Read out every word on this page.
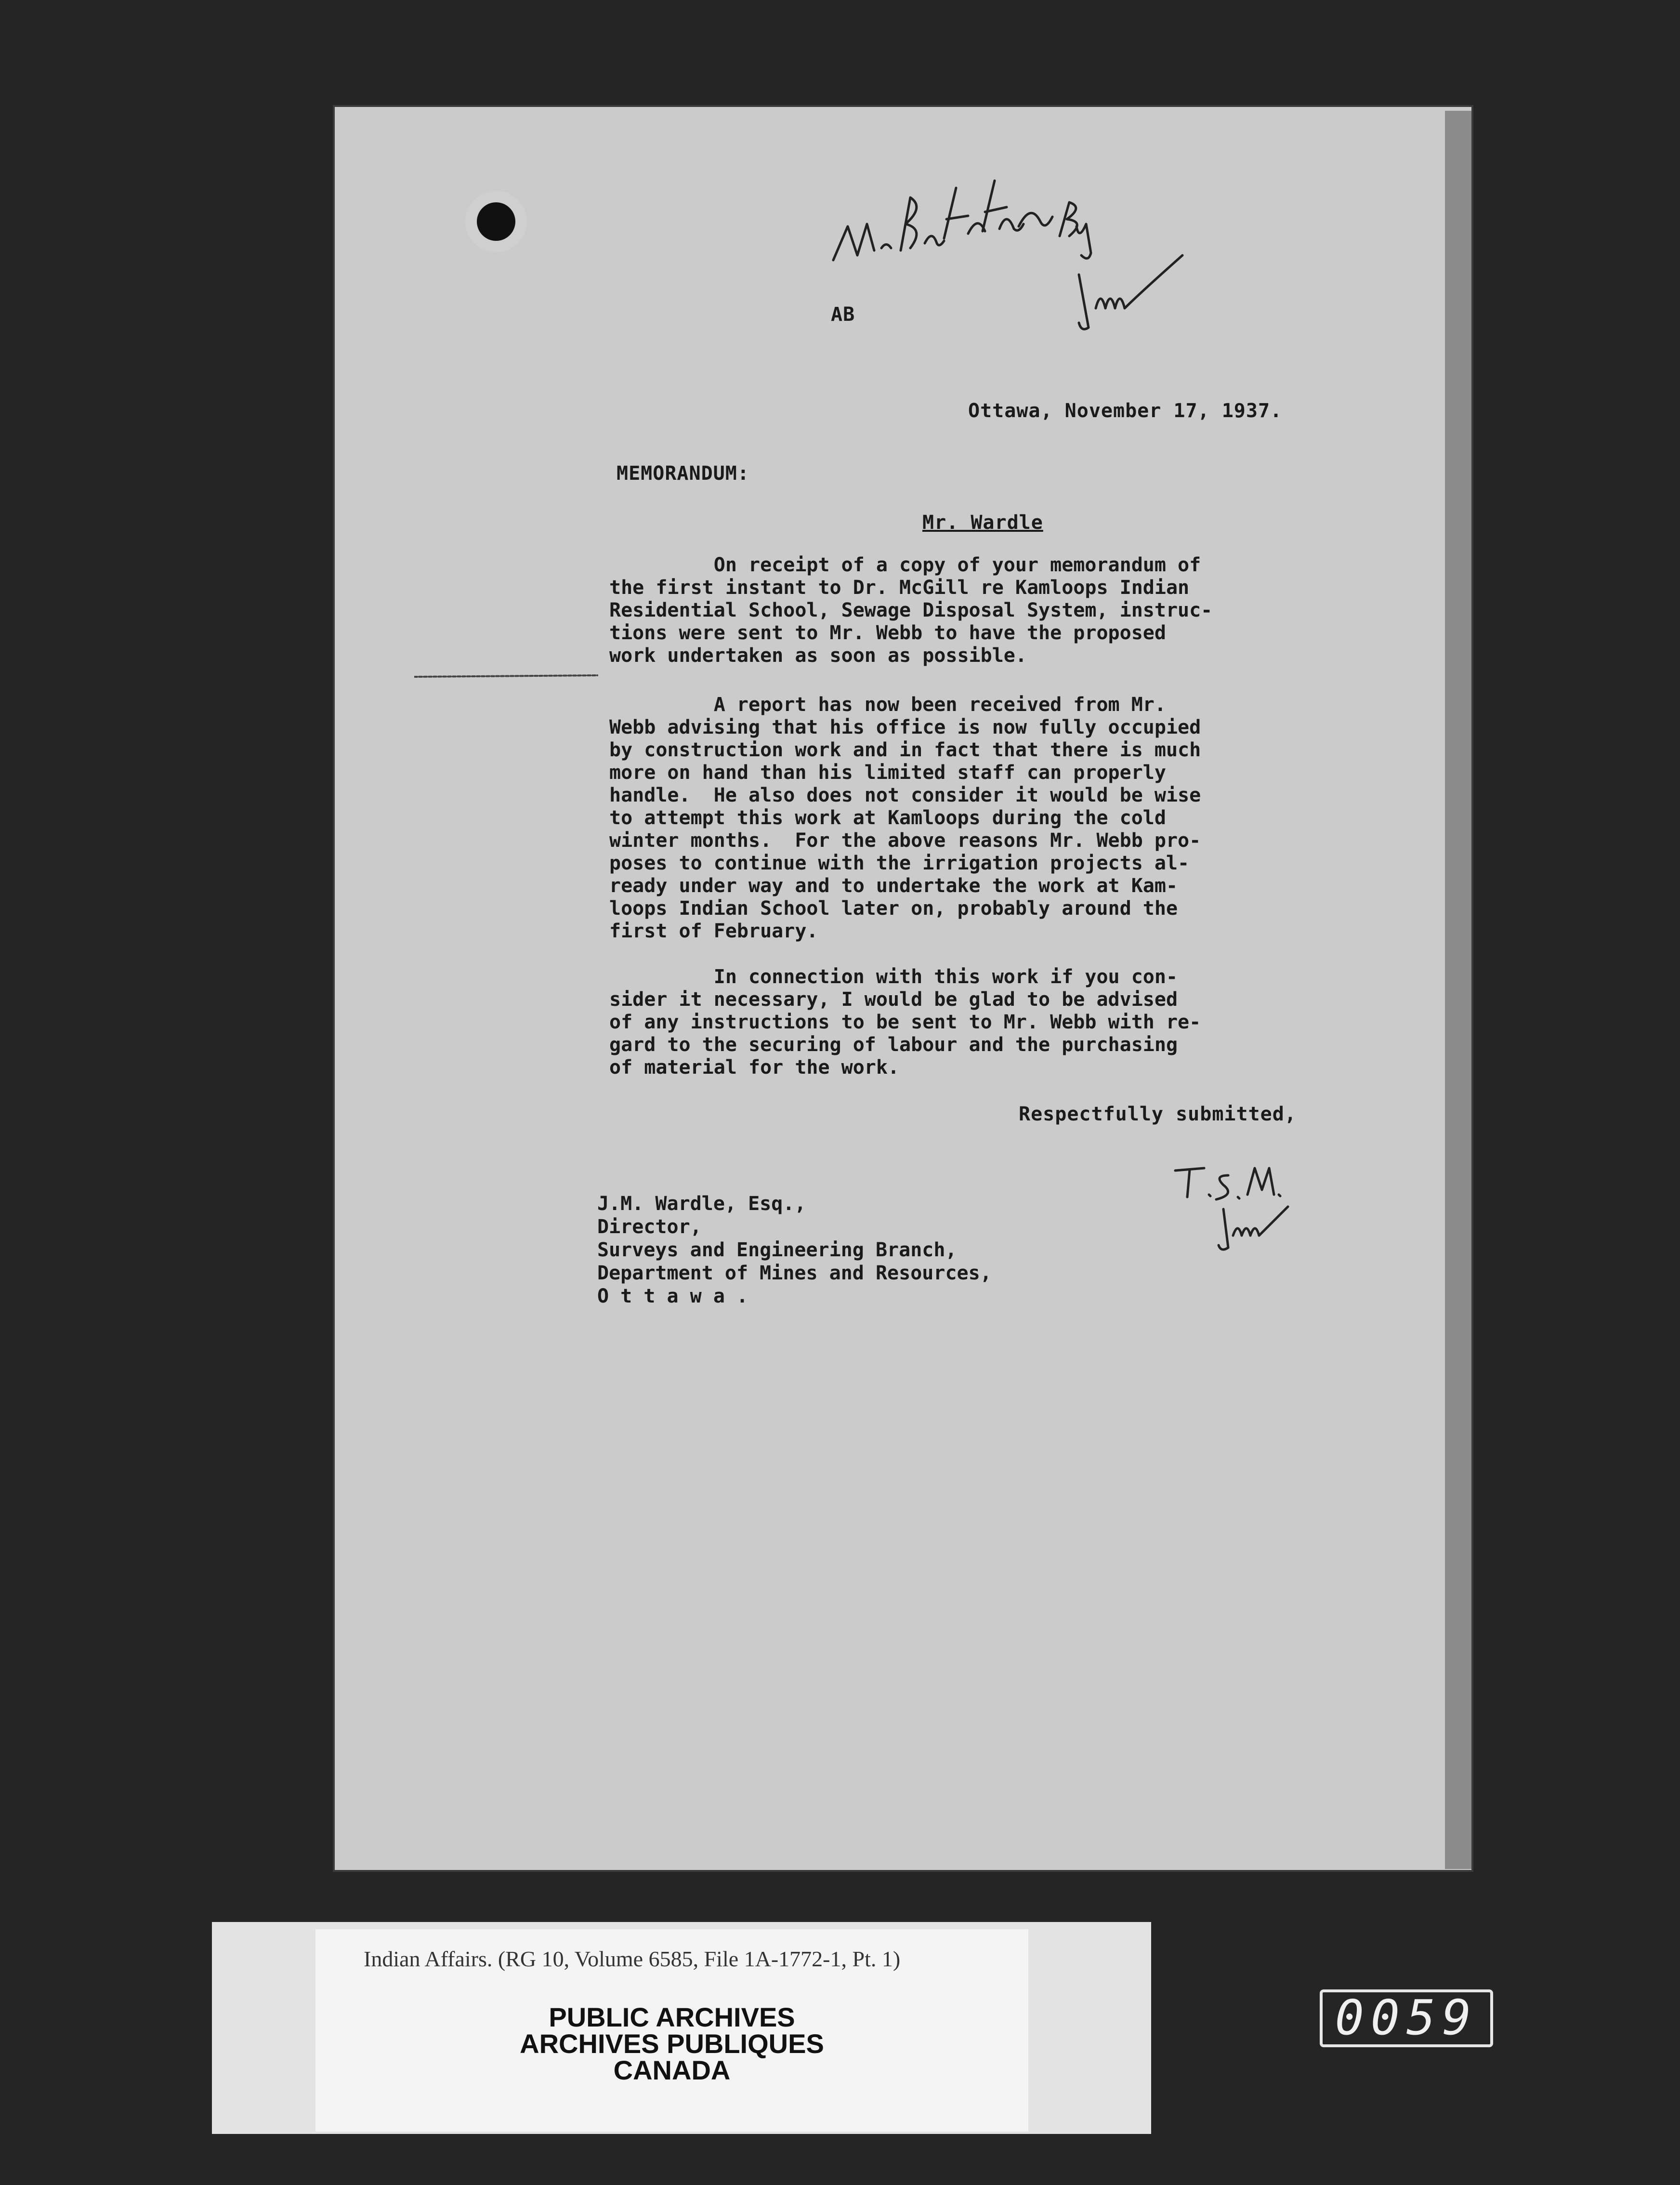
AB
Ottawa, November 17, 1937.
MEMORANDUM:
Mr. Wardle
On receipt of a copy of your memorandum of
the first instant to Dr. McGill re Kamloops Indian
Residential School, Sewage Disposal System, instruc-
tions were sent to Mr. Webb to have the proposed
work undertaken as soon as possible.
A report has now been received from Mr.
Webb advising that his office is now fully occupied
by construction work and in fact that there is much
more on hand than his limited staff can properly
handle.  He also does not consider it would be wise
to attempt this work at Kamloops during the cold
winter months.  For the above reasons Mr. Webb pro-
poses to continue with the irrigation projects al-
ready under way and to undertake the work at Kam-
loops Indian School later on, probably around the
first of February.
In connection with this work if you con-
sider it necessary, I would be glad to be advised
of any instructions to be sent to Mr. Webb with re-
gard to the securing of labour and the purchasing
of material for the work.
Respectfully submitted,
J.M. Wardle, Esq.,
Director,
Surveys and Engineering Branch,
Department of Mines and Resources,
O t t a w a .
Indian Affairs. (RG 10, Volume 6585, File 1A-1772-1, Pt. 1)
PUBLIC ARCHIVES
ARCHIVES PUBLIQUES
CANADA
0059
